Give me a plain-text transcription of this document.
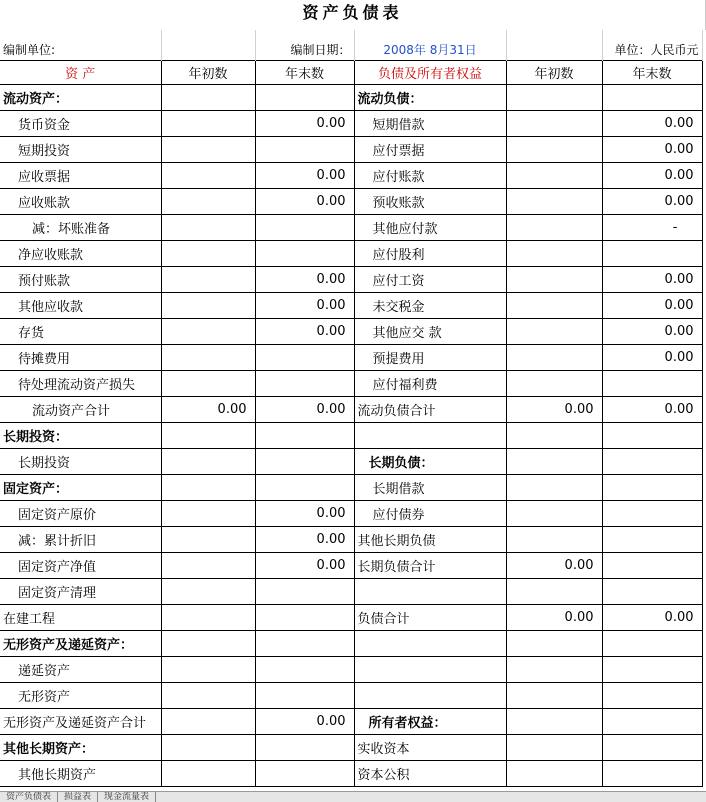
资产负债表
编制单位:		编制日期：	2008年 8月31日		单位：人民币元
资 产	年初数	年末数	负债及所有者权益	年初数	年末数
流动资产：			流动负债：		
货币资金		0.00	短期借款		0.00
短期投资			应付票据		0.00
应收票据		0.00	应付账款		0.00
应收账款		0.00	预收账款		0.00
减：坏账准备			其他应付款		-
净应收账款			应付股利		
预付账款		0.00	应付工资		0.00
其他应收款		0.00	未交税金		0.00
存货		0.00	其他应交 款		0.00
待摊费用			预提费用		0.00
待处理流动资产损失			应付福利费		
流动资产合计	0.00	0.00	流动负债合计	0.00	0.00
长期投资：					
长期投资			长期负债：		
固定资产：			长期借款		
固定资产原价		0.00	应付债券		
减：累计折旧		0.00	其他长期负债		
固定资产净值		0.00	长期负债合计	0.00	
固定资产清理					
在建工程			负债合计	0.00	0.00
无形资产及递延资产：					
递延资产					
无形资产					
无形资产及递延资产合计		0.00	所有者权益：		
其他长期资产：			实收资本		
其他长期资产			资本公积		
资产负债表 损益表 现金流量表
